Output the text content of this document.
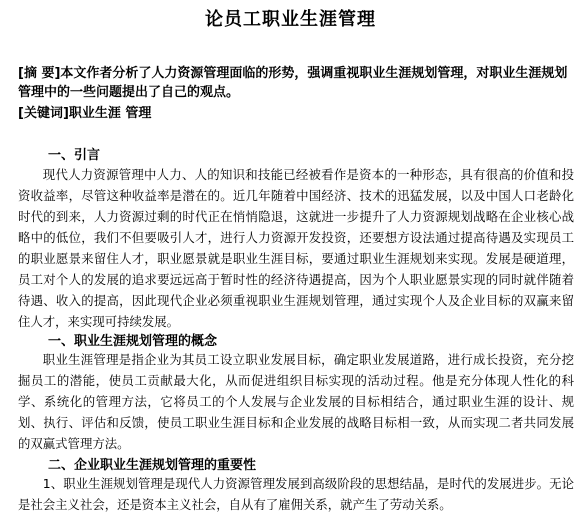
论员工职业生涯管理
[摘 要]本文作者分析了人力资源管理面临的形势，强调重视职业生涯规划管理，对职业生涯规划管理中的一些问题提出了自己的观点。
[关键词]职业生涯 管理
一、引言

现代人力资源管理中人力、人的知识和技能已经被看作是资本的一种形态，具有很高的价值和投资收益率，尽管这种收益率是潜在的。近几年随着中国经济、技术的迅猛发展，以及中国人口老龄化时代的到来，人力资源过剩的时代正在悄悄隐退，这就进一步提升了人力资源规划战略在企业核心战略中的低位，我们不但要吸引人才，进行人力资源开发投资，还要想方设法通过提高待遇及实现员工的职业愿景来留住人才，职业愿景就是职业生涯目标，要通过职业生涯规划来实现。发展是硬道理，员工对个人的发展的追求要远远高于暂时性的经济待遇提高，因为个人职业愿景实现的同时就伴随着待遇、收入的提高，因此现代企业必须重视职业生涯规划管理，通过实现个人及企业目标的双赢来留住人才，来实现可持续发展。

一、职业生涯规划管理的概念

职业生涯管理是指企业为其员工设立职业发展目标，确定职业发展道路，进行成长投资，充分挖掘员工的潜能，使员工贡献最大化，从而促进组织目标实现的活动过程。他是充分体现人性化的科学、系统化的管理方法，它将员工的个人发展与企业发展的目标相结合，通过职业生涯的设计、规划、执行、评估和反馈，使员工职业生涯目标和企业发展的战略目标相一致，从而实现二者共同发展的双赢式管理方法。

二、企业职业生涯规划管理的重要性

1、职业生涯规划管理是现代人力资源管理发展到高级阶段的思想结晶，是时代的发展进步。无论是社会主义社会，还是资本主义社会，自从有了雇佣关系，就产生了劳动关系。
